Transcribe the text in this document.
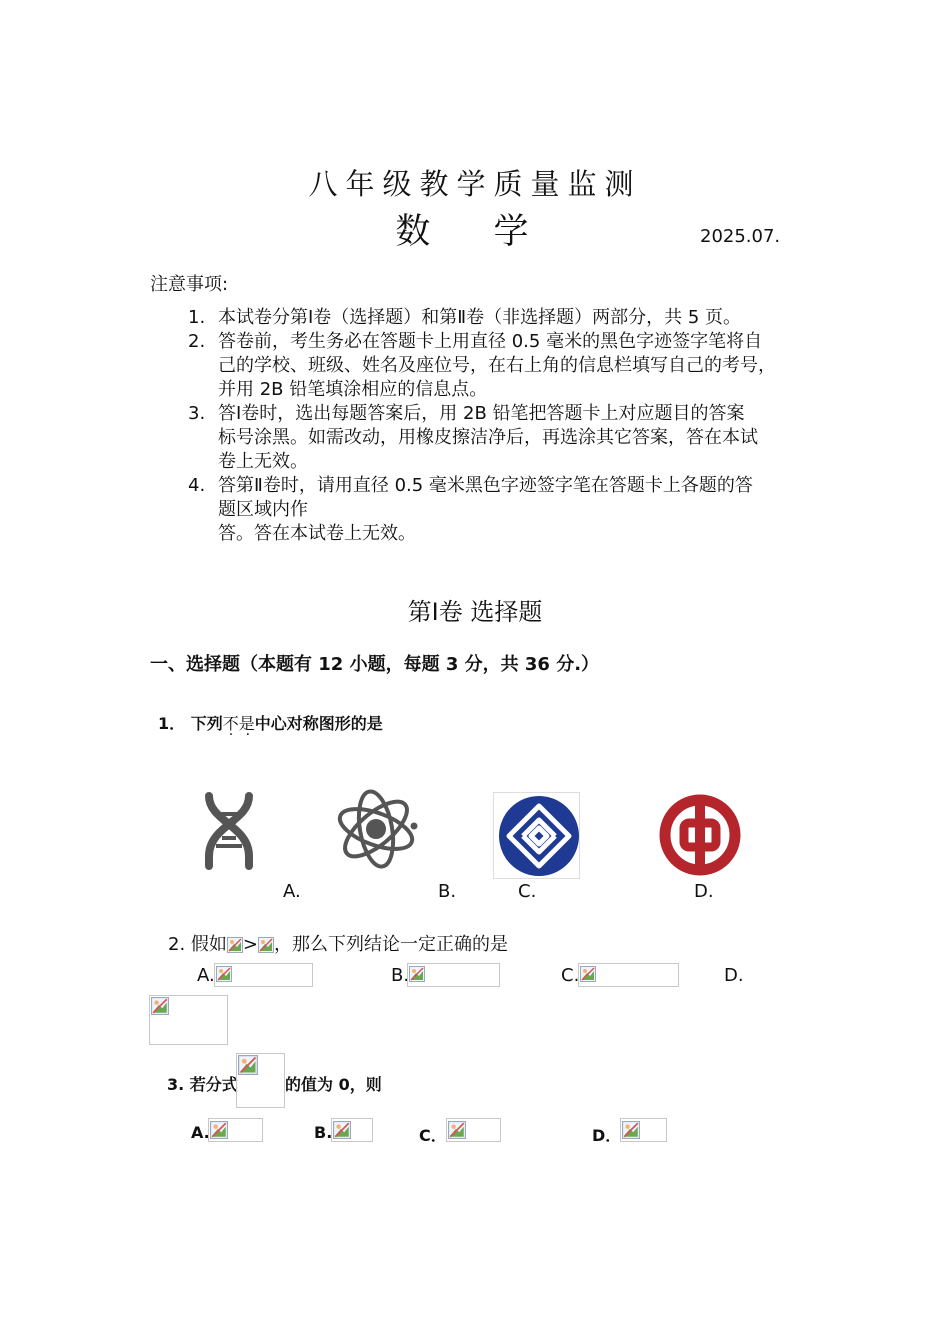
八年级教学质量监测
数 学	2025.07.
注意事项:
1. 本试卷分第Ⅰ卷（选择题）和第Ⅱ卷（非选择题）两部分，共 5 页。
2. 答卷前，考生务必在答题卡上用直径 0.5 毫米的黑色字迹签字笔将自
己的学校、班级、姓名及座位号，在右上角的信息栏填写自己的考号，
并用 2B 铅笔填涂相应的信息点。
3. 答Ⅰ卷时，选出每题答案后，用 2B 铅笔把答题卡上对应题目的答案
标号涂黑。如需改动，用橡皮擦洁净后，再选涂其它答案，答在本试
卷上无效。
4. 答第Ⅱ卷时，请用直径 0.5 毫米黑色字迹签字笔在答题卡上各题的答
题区域内作
答。答在本试卷上无效。
第Ⅰ卷 选择题
一、选择题（本题有 12 小题，每题 3 分，共 36 分.）
1． 下列不是 · ·中心对称图形的是
A.	B.	C.	D.
2. 假如 > ，那么下列结论一定正确的是
A.	B.	C.	D.
3. 若分式	的值为 0，则
A.	B.	C．	D．
